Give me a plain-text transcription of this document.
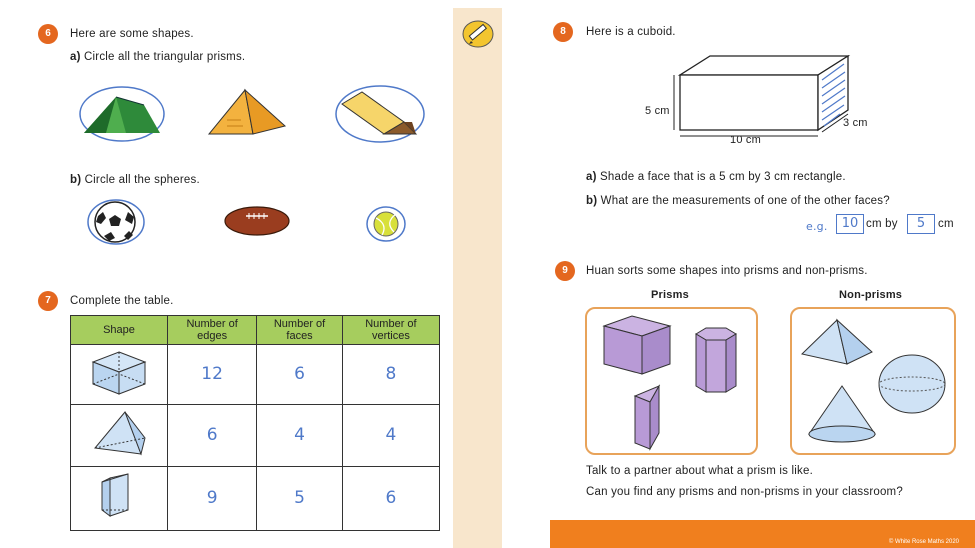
6	Here are some shapes.
a) Circle all the triangular prisms.
b) Circle all the spheres.
7	Complete the table.
Shape	Number of edges	Number of faces	Number of vertices
	12	6	8
	6	4	4
	9	5	6
8	Here is a cuboid.
5 cm
10 cm
3 cm
a) Shade a face that is a 5 cm by 3 cm rectangle.
b) What are the measurements of one of the other faces?
e.g.	10 cm by	5	cm
9	Huan sorts some shapes into prisms and non-prisms.
Prisms	Non-prisms
Talk to a partner about what a prism is like.
Can you find any prisms and non-prisms in your classroom?
© White Rose Maths 2020
